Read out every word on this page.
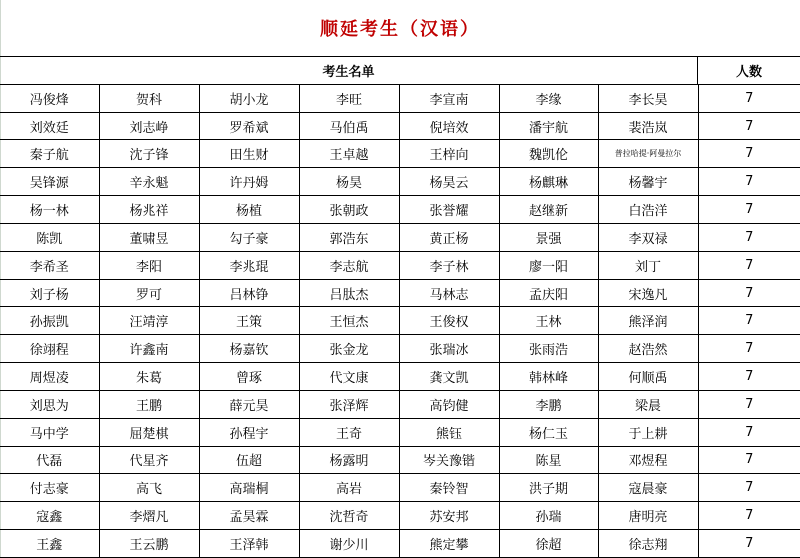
顺延考生（汉语）
考生名单	人数
冯俊烽	贺科	胡小龙	李旺	李宣南	李缘	李长昊	7
刘效廷	刘志峥	罗希斌	马伯禹	倪培效	潘宇航	裴浩岚	7
秦子航	沈子锋	田生财	王卓越	王梓向	魏凯伦	普拉哈提·阿曼拉尔	7
吴锋源	辛永魁	许丹姆	杨昊	杨昊云	杨麒琳	杨馨宇	7
杨一林	杨兆祥	杨植	张朝政	张誉耀	赵继新	白浩洋	7
陈凯	董啸昱	勾子豪	郭浩东	黄正杨	景强	李双禄	7
李希圣	李阳	李兆琨	李志航	李子林	廖一阳	刘丁	7
刘子杨	罗可	吕林铮	吕肽杰	马林志	孟庆阳	宋逸凡	7
孙振凯	汪靖淳	王策	王恒杰	王俊权	王林	熊泽润	7
徐翊程	许鑫南	杨嘉钦	张金龙	张瑞冰	张雨浩	赵浩然	7
周煜凌	朱葛	曾琢	代文康	龚文凯	韩林峰	何顺禹	7
刘思为	王鹏	薛元昊	张泽辉	高钧健	李鹏	梁晨	7
马中学	屈楚棋	孙程宇	王奇	熊钰	杨仁玉	于上耕	7
代磊	代星齐	伍超	杨露明	岑关豫锴	陈星	邓煜程	7
付志豪	高飞	高瑞桐	高岩	秦铃智	洪子期	寇晨豪	7
寇鑫	李熠凡	孟昊霖	沈哲奇	苏安邦	孙瑞	唐明亮	7
王鑫	王云鹏	王泽韩	谢少川	熊定攀	徐超	徐志翔	7
